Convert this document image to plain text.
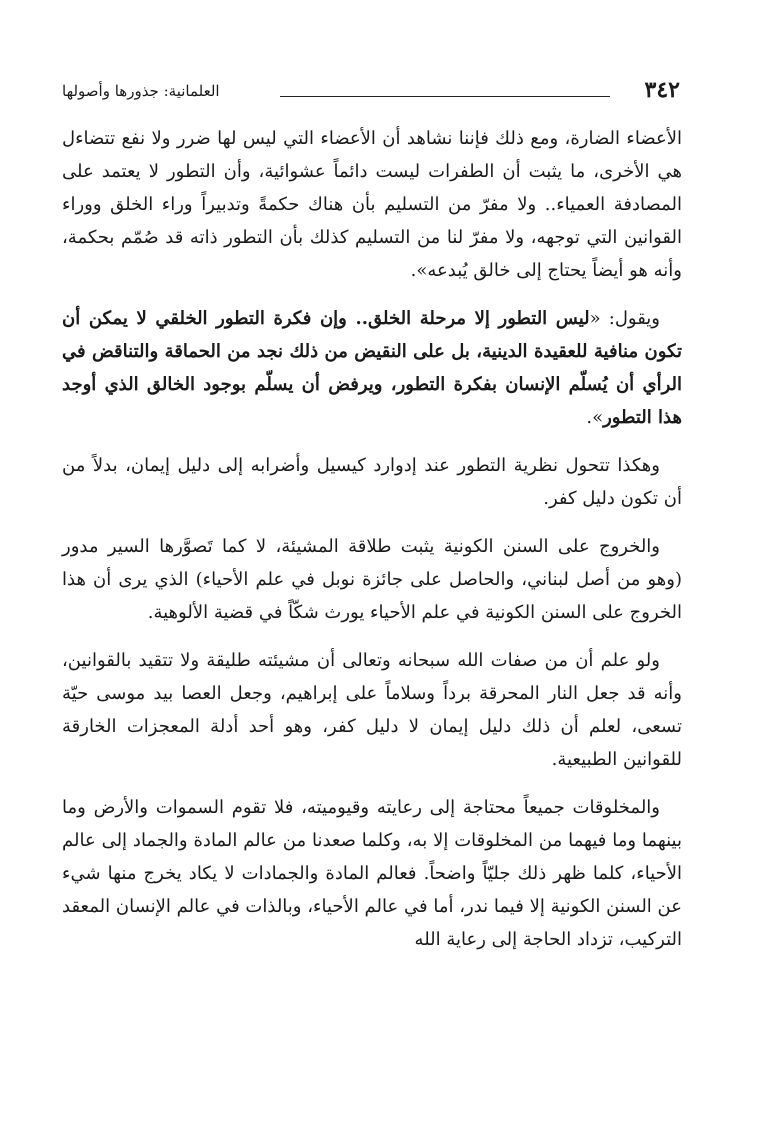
٣٤٢
العلمانية: جذورها وأصولها

الأعضاء الضارة، ومع ذلك فإننا نشاهد أن الأعضاء التي ليس لها ضرر ولا نفع تتضاءل هي الأخرى، ما يثبت أن الطفرات ليست دائماً عشوائية، وأن التطور لا يعتمد على المصادفة العمياء.. ولا مفرّ من التسليم بأن هناك حكمةً وتدبيراً وراء الخلق ووراء القوانين التي توجهه، ولا مفرّ لنا من التسليم كذلك بأن التطور ذاته قد صُمّم بحكمة، وأنه هو أيضاً يحتاج إلى خالق يُبدعه».

ويقول: «ليس التطور إلا مرحلة الخلق.. وإن فكرة التطور الخلقي لا يمكن أن تكون منافية للعقيدة الدينية، بل على النقيض من ذلك نجد من الحماقة والتناقض في الرأي أن يُسلّم الإنسان بفكرة التطور، ويرفض أن يسلّم بوجود الخالق الذي أوجد هذا التطور».

وهكذا تتحول نظرية التطور عند إدوارد كيسيل وأضرابه إلى دليل إيمان، بدلاً من أن تكون دليل كفر.

والخروج على السنن الكونية يثبت طلاقة المشيئة، لا كما تَصوَّرها السير مدور (وهو من أصل لبناني، والحاصل على جائزة نوبل في علم الأحياء) الذي يرى أن هذا الخروج على السنن الكونية في علم الأحياء يورث شكّاً في قضية الألوهية.

ولو علم أن من صفات الله سبحانه وتعالى أن مشيئته طليقة ولا تتقيد بالقوانين، وأنه قد جعل النار المحرقة برداً وسلاماً على إبراهيم، وجعل العصا بيد موسى حيّة تسعى، لعلم أن ذلك دليل إيمان لا دليل كفر، وهو أحد أدلة المعجزات الخارقة للقوانين الطبيعية.

والمخلوقات جميعاً محتاجة إلى رعايته وقيوميته، فلا تقوم السموات والأرض وما بينهما وما فيهما من المخلوقات إلا به، وكلما صعدنا من عالم المادة والجماد إلى عالم الأحياء، كلما ظهر ذلك جليّاً واضحاً. فعالم المادة والجمادات لا يكاد يخرج منها شيء عن السنن الكونية إلا فيما ندر، أما في عالم الأحياء، وبالذات في عالم الإنسان المعقد التركيب، تزداد الحاجة إلى رعاية الله
